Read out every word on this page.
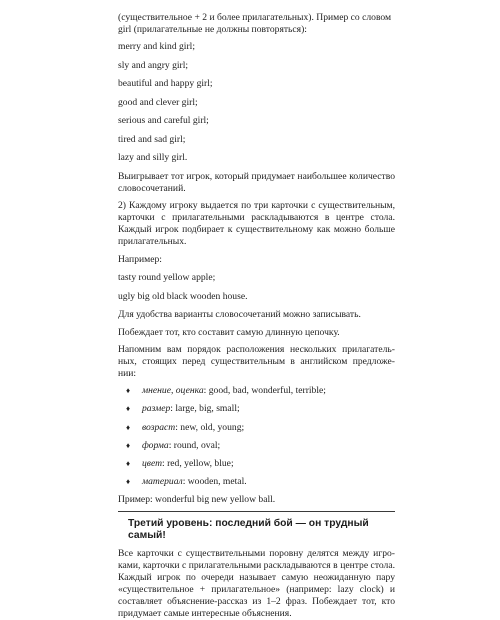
(существительное + 2 и более прилагательных). Пример со словом
girl (прилагательные не должны повторяться):

merry and kind girl;

sly and angry girl;

beautiful and happy girl;

good and clever girl;

serious and careful girl;

tired and sad girl;

lazy and silly girl.

Выигрывает тот игрок, который придумает наибольшее количество словосочетаний.

2) Каждому игроку выдается по три карточки с существительным, карточки с прилагательными раскладываются в центре стола. Каждый игрок подбирает к существительному как можно больше прилагательных.

Например:

tasty round yellow apple;

ugly big old black wooden house.

Для удобства варианты словосочетаний можно записывать.

Побеждает тот, кто составит самую длинную цепочку.

Напомним вам порядок расположения нескольких прилагатель-ных, стоящих перед существительным в английском предложе-нии:

♦ мнение, оценка: good, bad, wonderful, terrible;
♦ размер: large, big, small;
♦ возраст: new, old, young;
♦ форма: round, oval;
♦ цвет: red, yellow, blue;
♦ материал: wooden, metal.

Пример: wonderful big new yellow ball.

Третий уровень: последний бой — он трудный самый!

Все карточки с существительными поровну делятся между игро-ками, карточки с прилагательными раскладываются в центре стола. Каждый игрок по очереди называет самую неожиданную пару «существительное + прилагательное» (например: lazy clock) и составляет объяснение-рассказ из 1–2 фраз. Побеждает тот, кто придумает самые интересные объяснения.
